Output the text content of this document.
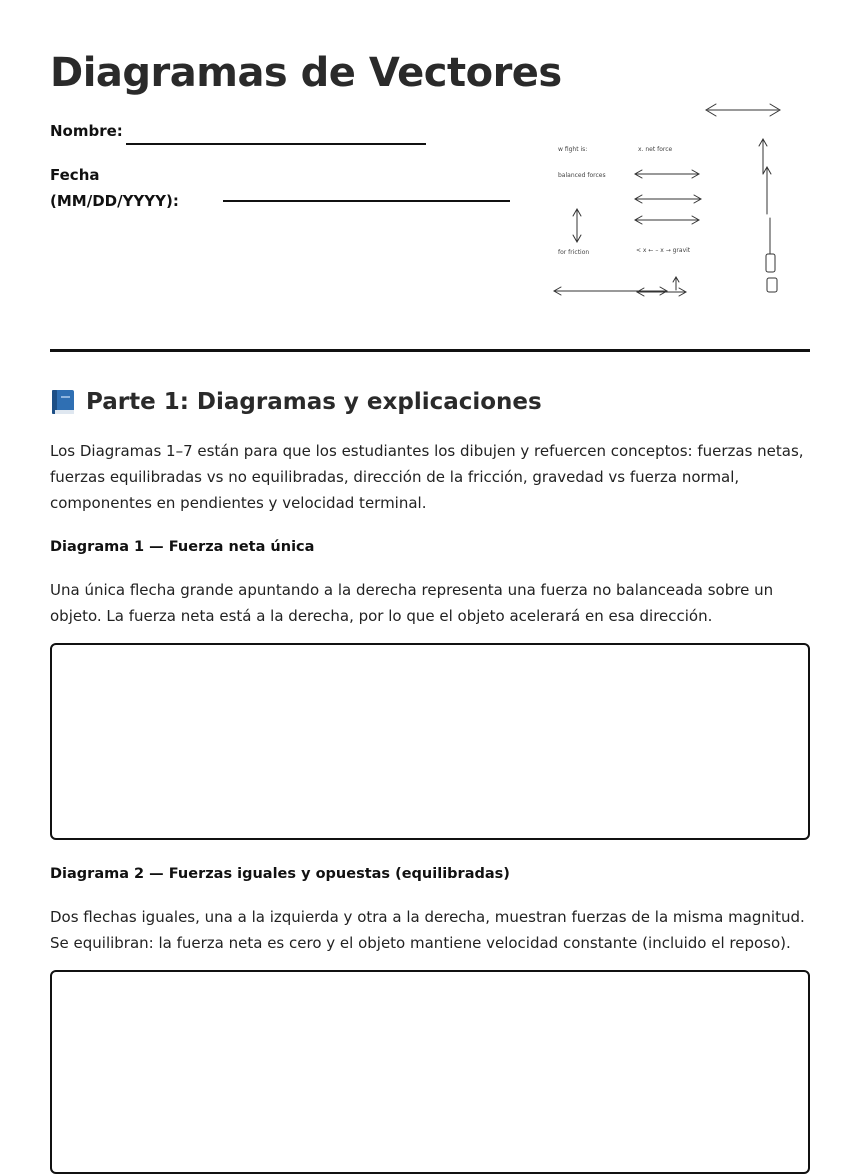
Diagramas de Vectores
Nombre:
Fecha
(MM/DD/YYYY):
w fight is:	x. net force
balanced forces
for friction	< x ← – x → gravit
Parte 1: Diagramas y explicaciones

Los Diagramas 1–7 están para que los estudiantes los dibujen y refuercen conceptos: fuerzas netas, fuerzas equilibradas vs no equilibradas, dirección de la fricción, gravedad vs fuerza normal, componentes en pendientes y velocidad terminal.

Diagrama 1 — Fuerza neta única

Una única flecha grande apuntando a la derecha representa una fuerza no balanceada sobre un objeto. La fuerza neta está a la derecha, por lo que el objeto acelerará en esa dirección.

Diagrama 2 — Fuerzas iguales y opuestas (equilibradas)

Dos flechas iguales, una a la izquierda y otra a la derecha, muestran fuerzas de la misma magnitud. Se equilibran: la fuerza neta es cero y el objeto mantiene velocidad constante (incluido el reposo).
